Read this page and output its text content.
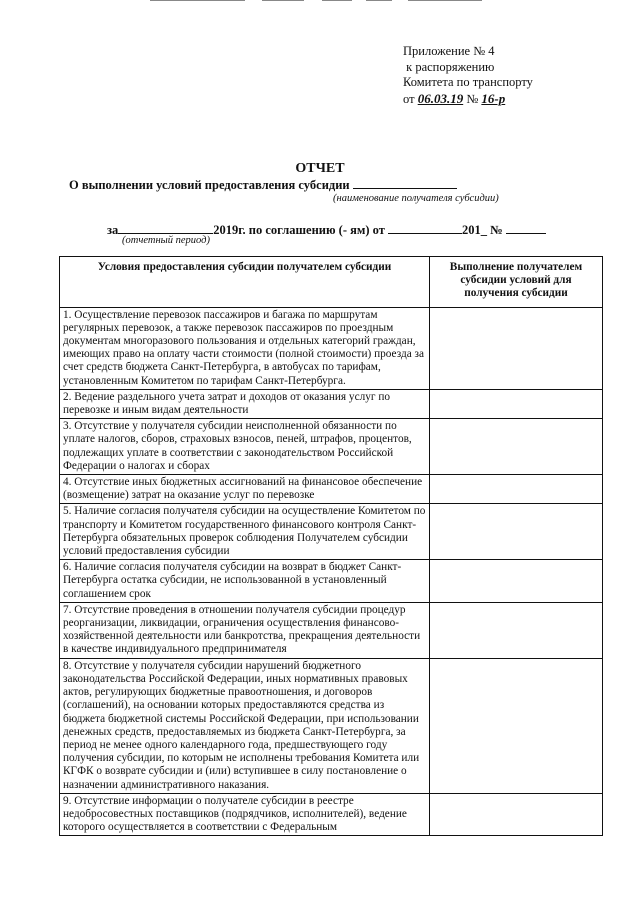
Приложение № 4
к распоряжению
Комитета по транспорту
от 06.03.19 № 16-р
ОТЧЕТ
О выполнении условий предоставления субсидии
(наименование получателя субсидии)
за	2019г. по соглашению (- ям) от	201_ №
(отчетный период)
Условия предоставления субсидии получателем субсидии	Выполнение получателем субсидии условий для получения субсидии
1. Осуществление перевозок пассажиров и багажа по маршрутам регулярных перевозок, а также перевозок пассажиров по проездным документам многоразового пользования и отдельных категорий граждан, имеющих право на оплату части стоимости (полной стоимости) проезда за счет средств бюджета Санкт-Петербурга, в автобусах по тарифам, установленным Комитетом по тарифам Санкт-Петербурга.	
2. Ведение раздельного учета затрат и доходов от оказания услуг по перевозке и иным видам деятельности	
3. Отсутствие у получателя субсидии неисполненной обязанности по уплате налогов, сборов, страховых взносов, пеней, штрафов, процентов, подлежащих уплате в соответствии с законодательством Российской Федерации о налогах и сборах	
4. Отсутствие иных бюджетных ассигнований на финансовое обеспечение (возмещение) затрат на оказание услуг по перевозке	
5. Наличие согласия получателя субсидии на осуществление Комитетом по транспорту и Комитетом государственного финансового контроля Санкт-Петербурга обязательных проверок соблюдения Получателем субсидии условий предоставления субсидии	
6. Наличие согласия получателя субсидии на возврат в бюджет Санкт-Петербурга остатка субсидии, не использованной в установленный соглашением срок	
7. Отсутствие проведения в отношении получателя субсидии процедур реорганизации, ликвидации, ограничения осуществления финансово-хозяйственной деятельности или банкротства, прекращения деятельности в качестве индивидуального предпринимателя	
8. Отсутствие у получателя субсидии нарушений бюджетного законодательства Российской Федерации, иных нормативных правовых актов, регулирующих бюджетные правоотношения, и договоров (соглашений), на основании которых предоставляются средства из бюджета бюджетной системы Российской Федерации, при использовании денежных средств, предоставляемых из бюджета Санкт-Петербурга, за период не менее одного календарного года, предшествующего году получения субсидии, по которым не исполнены требования Комитета или КГФК о возврате субсидии и (или) вступившее в силу постановление о назначении административного наказания.	
9. Отсутствие информации о получателе субсидии в реестре недобросовестных поставщиков (подрядчиков, исполнителей), ведение которого осуществляется в соответствии с Федеральным	
